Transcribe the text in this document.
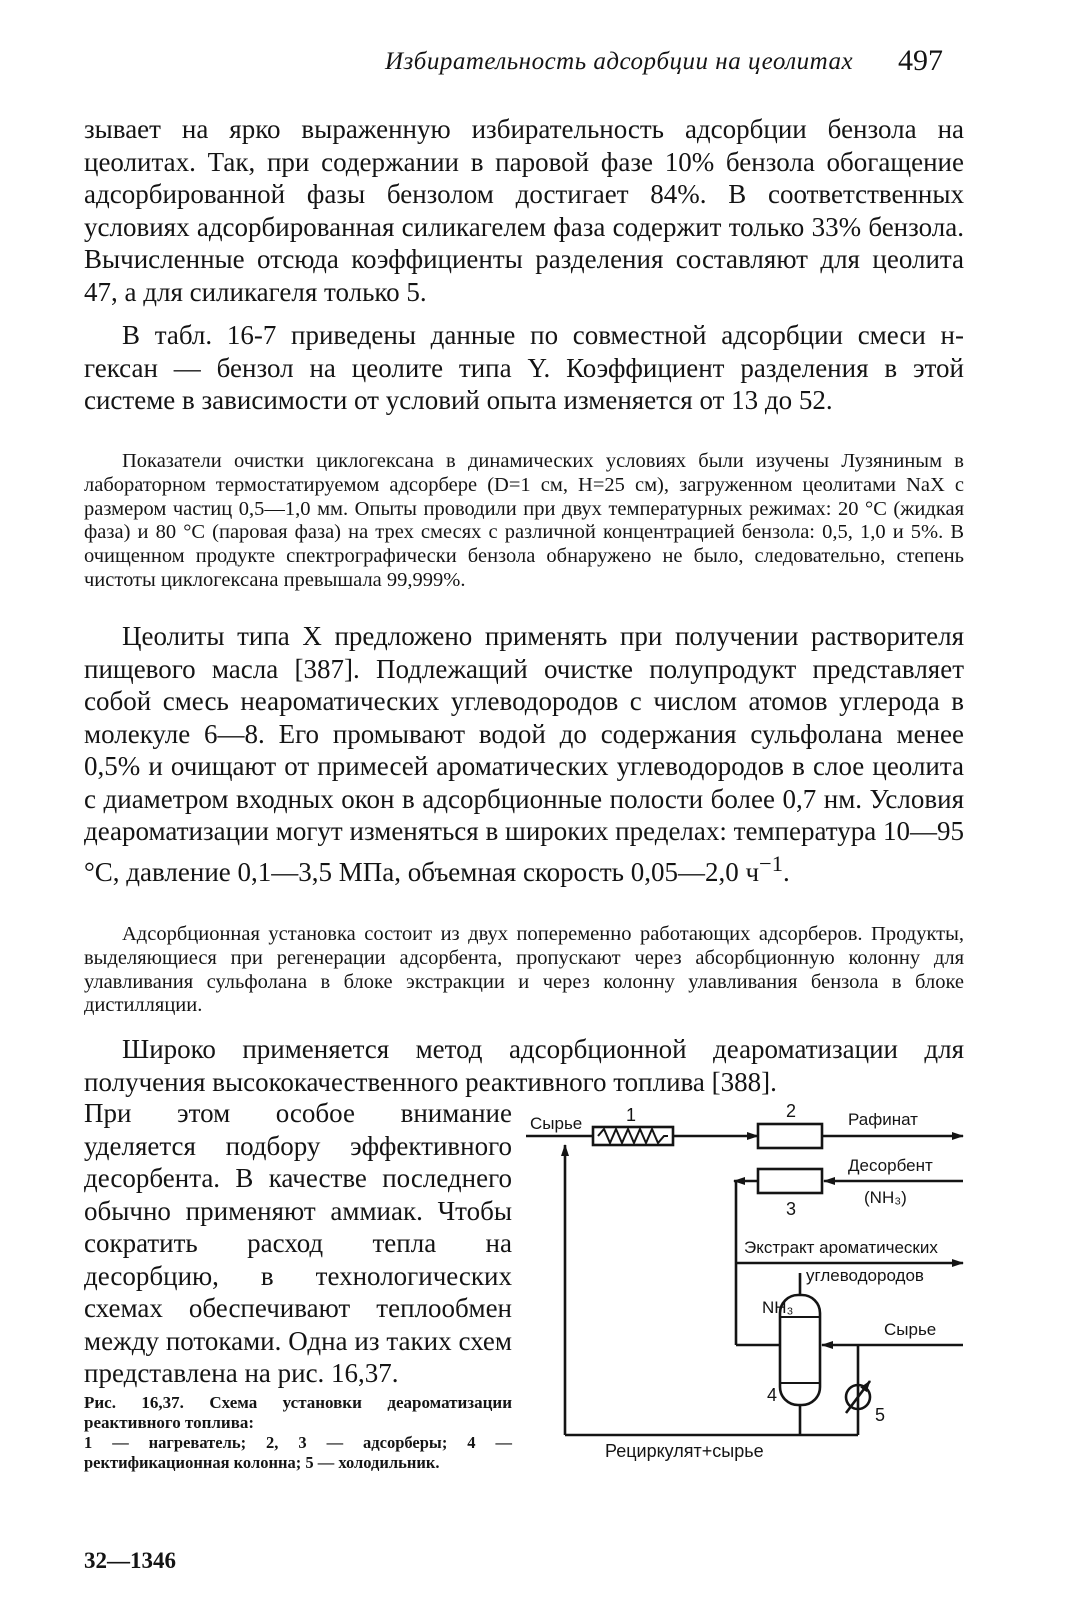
Избирательность адсорбции на цеолитах 497
зывает на ярко выраженную избирательность адсорбции бензола на цеолитах. Так, при содержании в паровой фазе 10% бензола обогащение адсорбированной фазы бензолом достигает 84%. В соответственных условиях адсорбированная силикагелем фаза содержит только 33% бензола. Вычисленные отсюда коэффициенты разделения составляют для цеолита 47, а для силикагеля только 5.
В табл. 16-7 приведены данные по совместной адсорбции смеси н-гексан — бензол на цеолите типа Y. Коэффициент разделения в этой системе в зависимости от условий опыта изменяется от 13 до 52.
Показатели очистки циклогексана в динамических условиях были изучены Лузяниным в лабораторном термостатируемом адсорбере (D=1 см, H=25 см), загруженном цеолитами NaX с размером частиц 0,5—1,0 мм. Опыты проводили при двух температурных режимах: 20 °С (жидкая фаза) и 80 °С (паровая фаза) на трех смесях с различной концентрацией бензола: 0,5, 1,0 и 5%. В очищенном продукте спектрографически бензола обнаружено не было, следовательно, степень чистоты циклогексана превышала 99,999%.
Цеолиты типа X предложено применять при получении растворителя пищевого масла [387]. Подлежащий очистке полупродукт представляет собой смесь неароматических углеводородов с числом атомов углерода в молекуле 6—8. Его промывают водой до содержания сульфолана менее 0,5% и очищают от примесей ароматических углеводородов в слое цеолита с диаметром входных окон в адсорбционные полости более 0,7 нм. Условия деароматизации могут изменяться в широких пределах: температура 10—95 °С, давление 0,1—3,5 МПа, объемная скорость 0,05—2,0 $ч^{-1}$.
Адсорбционная установка состоит из двух попеременно работающих адсорберов. Продукты, выделяющиеся при регенерации адсорбента, пропускают через абсорбционную колонну для улавливания сульфолана в блоке экстракции и через колонну улавливания бензола в блоке дистилляции.
Широко применяется метод адсорбционной деароматизации для получения высококачественного реактивного топлива [388].
При этом особое внимание уделяется подбору эффективного десорбента. В качестве последнего обычно применяют аммиак. Чтобы сократить расход тепла на десорбцию, в технологических схемах обеспечивают теплообмен между потоками. Одна из таких схем представлена на рис. 16,37.
Сырье 1	2	Рафинат
Десорбент
(NH₃)
3
Экстракт ароматических
углеводородов
NH₃
Сырье
4
5
Рециркулят+сырье
Рис. 16,37. Схема установки деароматизации реактивного топлива:
1 — нагреватель; 2, 3 — адсорберы; 4 — ректификационная колонна; 5 — холодильник.
32—1346
